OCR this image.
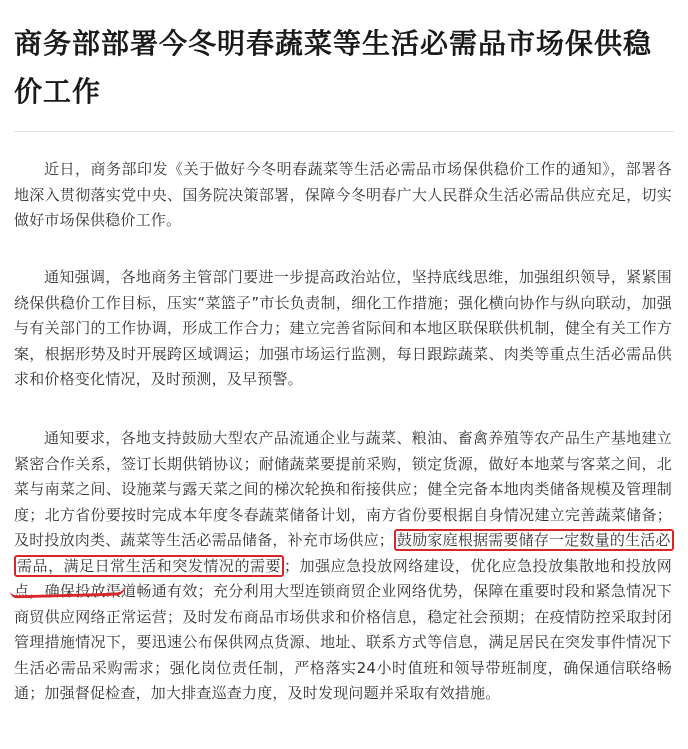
商务部部署今冬明春蔬菜等生活必需品市场保供稳价工作

近日，商务部印发《关于做好今冬明春蔬菜等生活必需品市场保供稳价工作的通知》，部署各地深入贯彻落实党中央、国务院决策部署，保障今冬明春广大人民群众生活必需品供应充足，切实做好市场保供稳价工作。

通知强调，各地商务主管部门要进一步提高政治站位，坚持底线思维，加强组织领导，紧紧围绕保供稳价工作目标，压实“菜篮子”市长负责制，细化工作措施；强化横向协作与纵向联动，加强与有关部门的工作协调，形成工作合力；建立完善省际间和本地区联保联供机制，健全有关工作方案，根据形势及时开展跨区域调运；加强市场运行监测，每日跟踪蔬菜、肉类等重点生活必需品供求和价格变化情况，及时预测，及早预警。

通知要求，各地支持鼓励大型农产品流通企业与蔬菜、粮油、畜禽养殖等农产品生产基地建立紧密合作关系，签订长期供销协议；耐储蔬菜要提前采购，锁定货源，做好本地菜与客菜之间，北菜与南菜之间、设施菜与露天菜之间的梯次轮换和衔接供应；健全完备本地肉类储备规模及管理制度；北方省份要按时完成本年度冬春蔬菜储备计划，南方省份要根据自身情况建立完善蔬菜储备；及时投放肉类、蔬菜等生活必需品储备，补充市场供应； 鼓励家庭根据需要储存一定数量的生活必需品，满足日常生活和突发情况的需要 ；加强应急投放网络建设，优化应急投放集散地和投放网点，确保投放渠道畅通有效；充分利用大型连锁商贸企业网络优势，保障在重要时段和紧急情况下商贸供应网络正常运营；及时发布商品市场供求和价格信息，稳定社会预期；在疫情防控采取封闭管理措施情况下，要迅速公布保供网点货源、地址、联系方式等信息，满足居民在突发事件情况下生活必需品采购需求；强化岗位责任制，严格落实24小时值班和领导带班制度，确保通信联络畅通；加强督促检查，加大排查巡查力度，及时发现问题并采取有效措施。
